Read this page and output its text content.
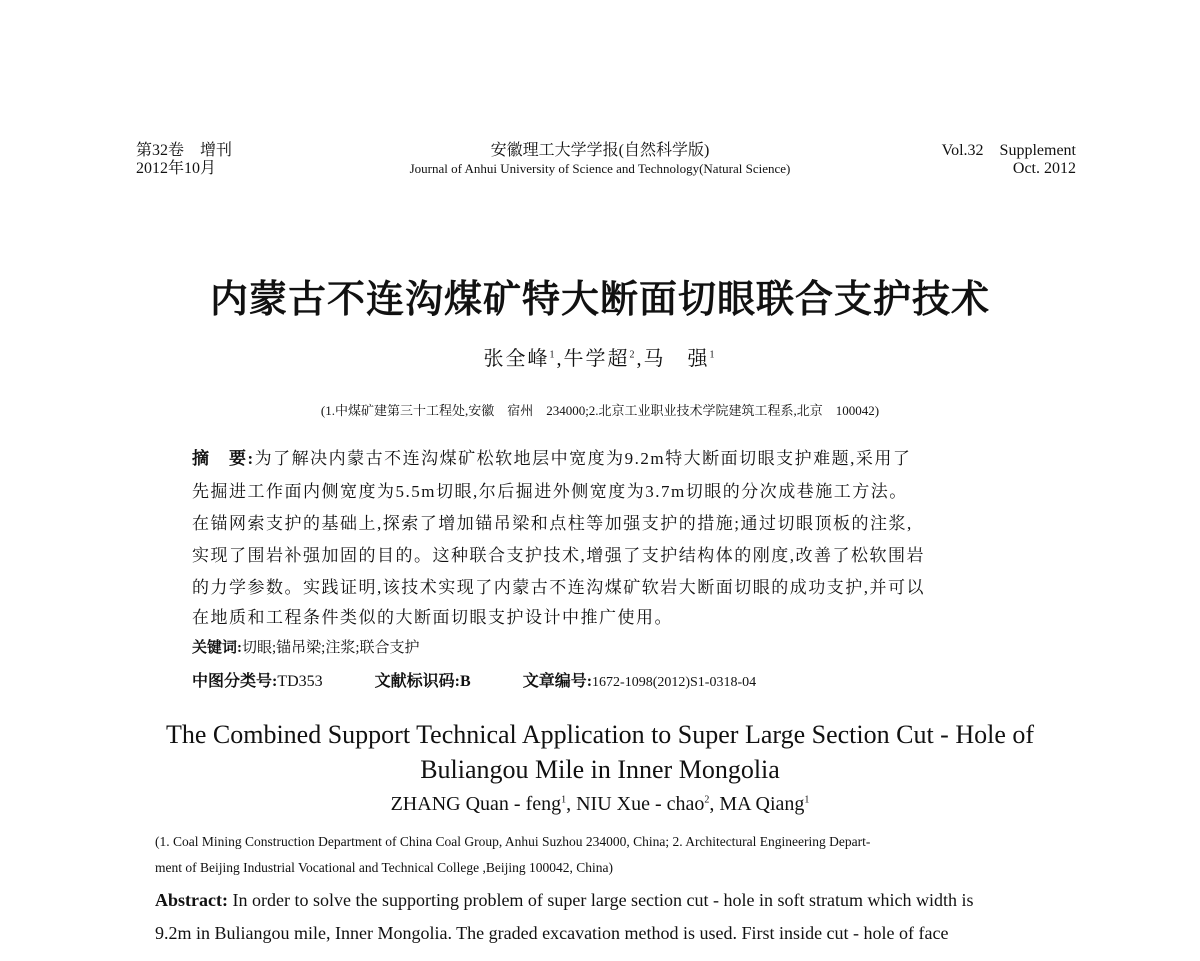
第32卷　增刊
2012年10月
安徽理工大学学报(自然科学版)
Journal of Anhui University of Science and Technology(Natural Science)
Vol.32　Supplement
Oct. 2012
内蒙古不连沟煤矿特大断面切眼联合支护技术
张全峰$^1$,牛学超$^2$,马　强$^1$
(1.中煤矿建第三十工程处,安徽　宿州　234000;2.北京工业职业技术学院建筑工程系,北京　100042)
摘　要:为了解决内蒙古不连沟煤矿松软地层中宽度为9.2m特大断面切眼支护难题,采用了
先掘进工作面内侧宽度为5.5m切眼,尔后掘进外侧宽度为3.7m切眼的分次成巷施工方法。
在锚网索支护的基础上,探索了增加锚吊梁和点柱等加强支护的措施;通过切眼顶板的注浆,
实现了围岩补强加固的目的。这种联合支护技术,增强了支护结构体的刚度,改善了松软围岩
的力学参数。实践证明,该技术实现了内蒙古不连沟煤矿软岩大断面切眼的成功支护,并可以
在地质和工程条件类似的大断面切眼支护设计中推广使用。
关键词:切眼;锚吊梁;注浆;联合支护
中图分类号:TD353	文献标识码:B	文章编号:1672-1098(2012)S1-0318-04
The Combined Support Technical Application to Super Large Section Cut - Hole of
Buliangou Mile in Inner Mongolia
ZHANG Quan - feng$^1$, NIU Xue - chao$^2$, MA Qiang$^1$
(1. Coal Mining Construction Department of China Coal Group, Anhui Suzhou 234000, China; 2. Architectural Engineering Depart-
ment of Beijing Industrial Vocational and Technical College ,Beijing 100042, China)
Abstract: In order to solve the supporting problem of super large section cut - hole in soft stratum which width is
9.2m in Buliangou mile, Inner Mongolia. The graded excavation method is used. First inside cut - hole of face
